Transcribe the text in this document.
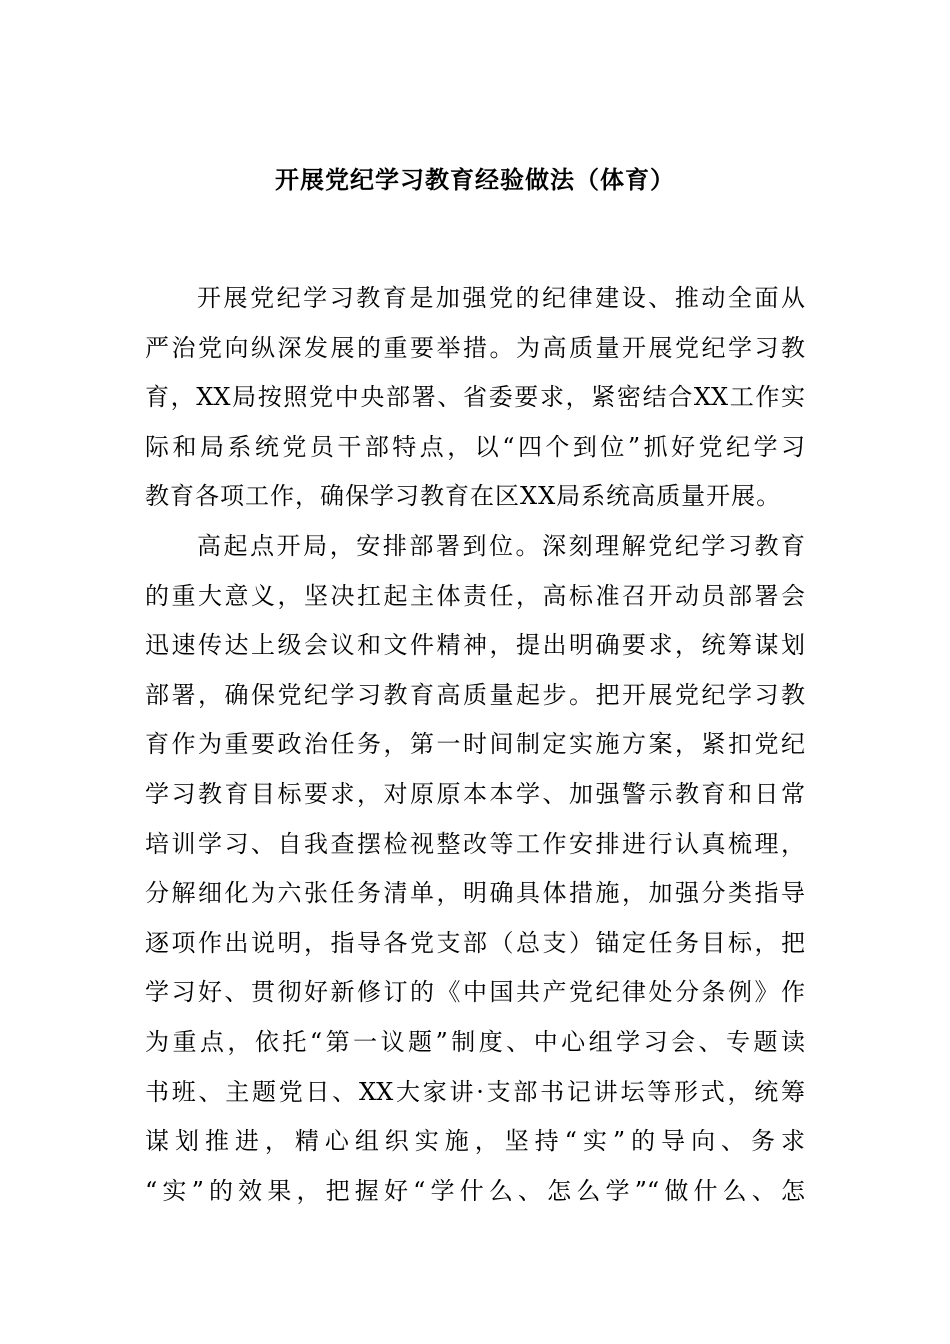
开展党纪学习教育经验做法（体育）
开展党纪学习教育是加强党的纪律建设、推动全面从
严治党向纵深发展的重要举措。为高质量开展党纪学习教
育，XX局按照党中央部署、省委要求，紧密结合XX工作实
际和局系统党员干部特点，以“四个到位”抓好党纪学习
教育各项工作，确保学习教育在区XX局系统高质量开展。
高起点开局，安排部署到位。深刻理解党纪学习教育
的重大意义，坚决扛起主体责任，高标准召开动员部署会
迅速传达上级会议和文件精神，提出明确要求，统筹谋划
部署，确保党纪学习教育高质量起步。把开展党纪学习教
育作为重要政治任务，第一时间制定实施方案，紧扣党纪
学习教育目标要求，对原原本本学、加强警示教育和日常
培训学习、自我查摆检视整改等工作安排进行认真梳理，
分解细化为六张任务清单，明确具体措施，加强分类指导
逐项作出说明，指导各党支部（总支）锚定任务目标，把
学习好、贯彻好新修订的《中国共产党纪律处分条例》作
为重点，依托“第一议题”制度、中心组学习会、专题读
书班、主题党日、XX大家讲·支部书记讲坛等形式，统筹
谋划推进，精心组织实施，坚持“实”的导向、务求
“实”的效果，把握好“学什么、怎么学”“做什么、怎
